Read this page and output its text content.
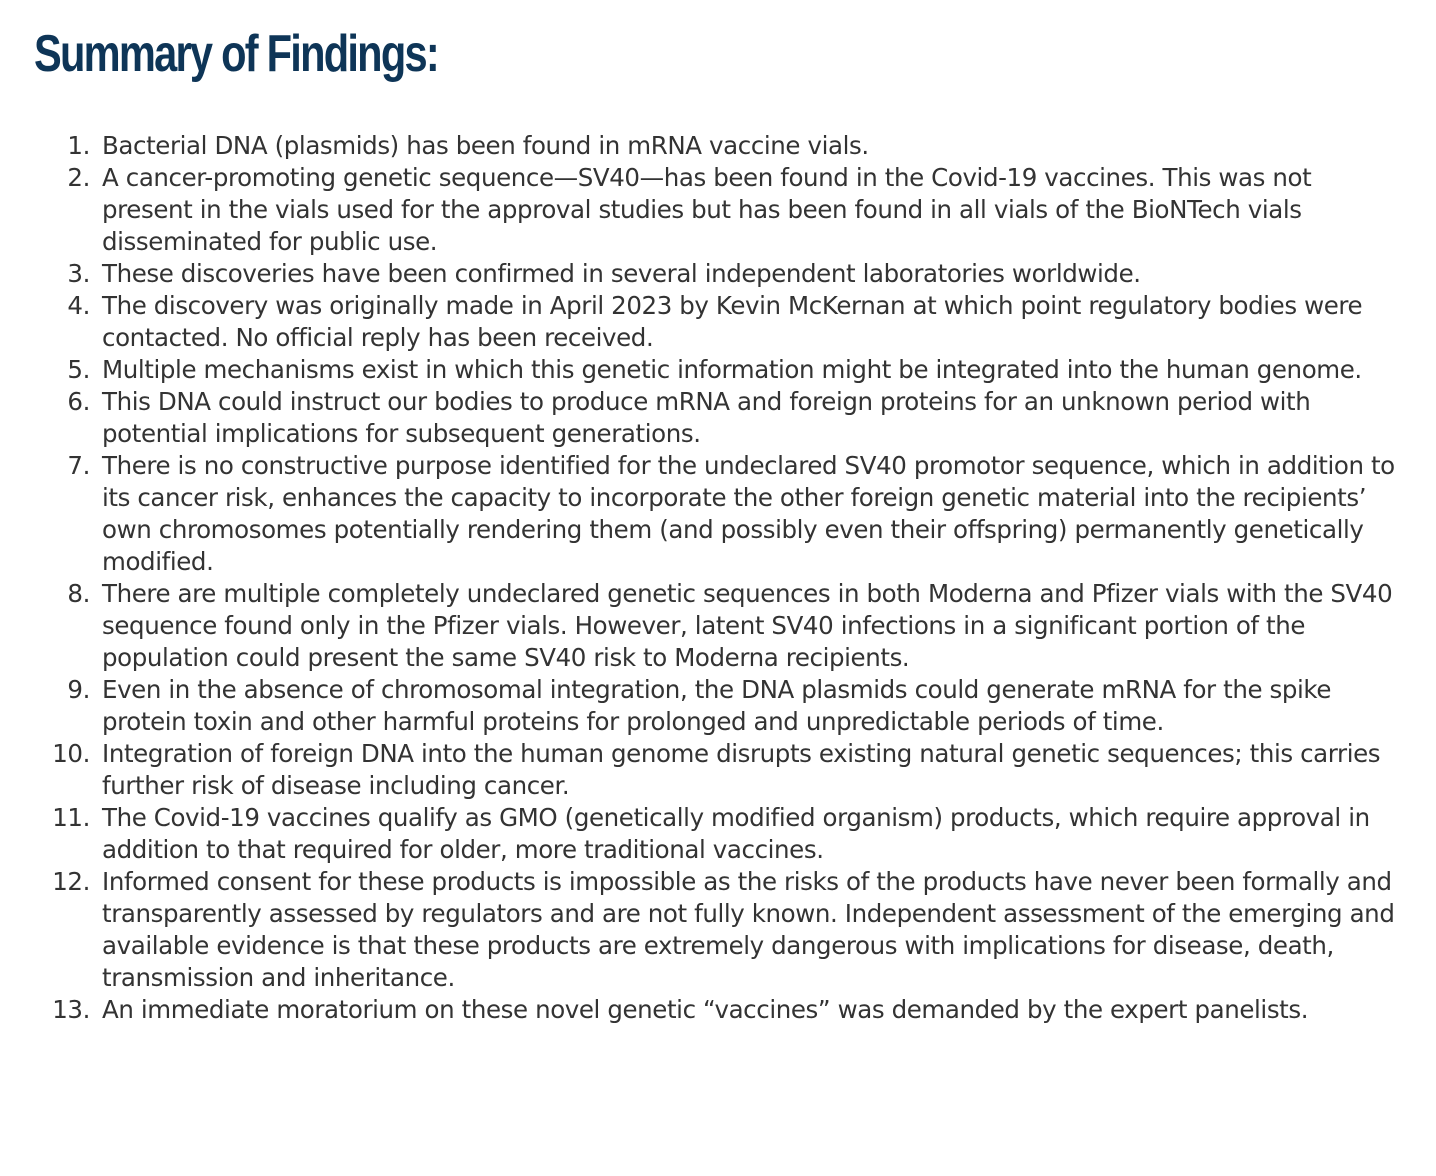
Summary of Findings:
1. Bacterial DNA (plasmids) has been found in mRNA vaccine vials.
2. A cancer-promoting genetic sequence—SV40—has been found in the Covid-19 vaccines. This was not present in the vials used for the approval studies but has been found in all vials of the BioNTech vials disseminated for public use.
3. These discoveries have been confirmed in several independent laboratories worldwide.
4. The discovery was originally made in April 2023 by Kevin McKernan at which point regulatory bodies were contacted. No official reply has been received.
5. Multiple mechanisms exist in which this genetic information might be integrated into the human genome.
6. This DNA could instruct our bodies to produce mRNA and foreign proteins for an unknown period with potential implications for subsequent generations.
7. There is no constructive purpose identified for the undeclared SV40 promotor sequence, which in addition to its cancer risk, enhances the capacity to incorporate the other foreign genetic material into the recipients’ own chromosomes potentially rendering them (and possibly even their offspring) permanently genetically modified.
8. There are multiple completely undeclared genetic sequences in both Moderna and Pfizer vials with the SV40 sequence found only in the Pfizer vials. However, latent SV40 infections in a significant portion of the population could present the same SV40 risk to Moderna recipients.
9. Even in the absence of chromosomal integration, the DNA plasmids could generate mRNA for the spike protein toxin and other harmful proteins for prolonged and unpredictable periods of time.
10. Integration of foreign DNA into the human genome disrupts existing natural genetic sequences; this carries further risk of disease including cancer.
11. The Covid-19 vaccines qualify as GMO (genetically modified organism) products, which require approval in addition to that required for older, more traditional vaccines.
12. Informed consent for these products is impossible as the risks of the products have never been formally and transparently assessed by regulators and are not fully known. Independent assessment of the emerging and available evidence is that these products are extremely dangerous with implications for disease, death, transmission and inheritance.
13. An immediate moratorium on these novel genetic “vaccines” was demanded by the expert panelists.
